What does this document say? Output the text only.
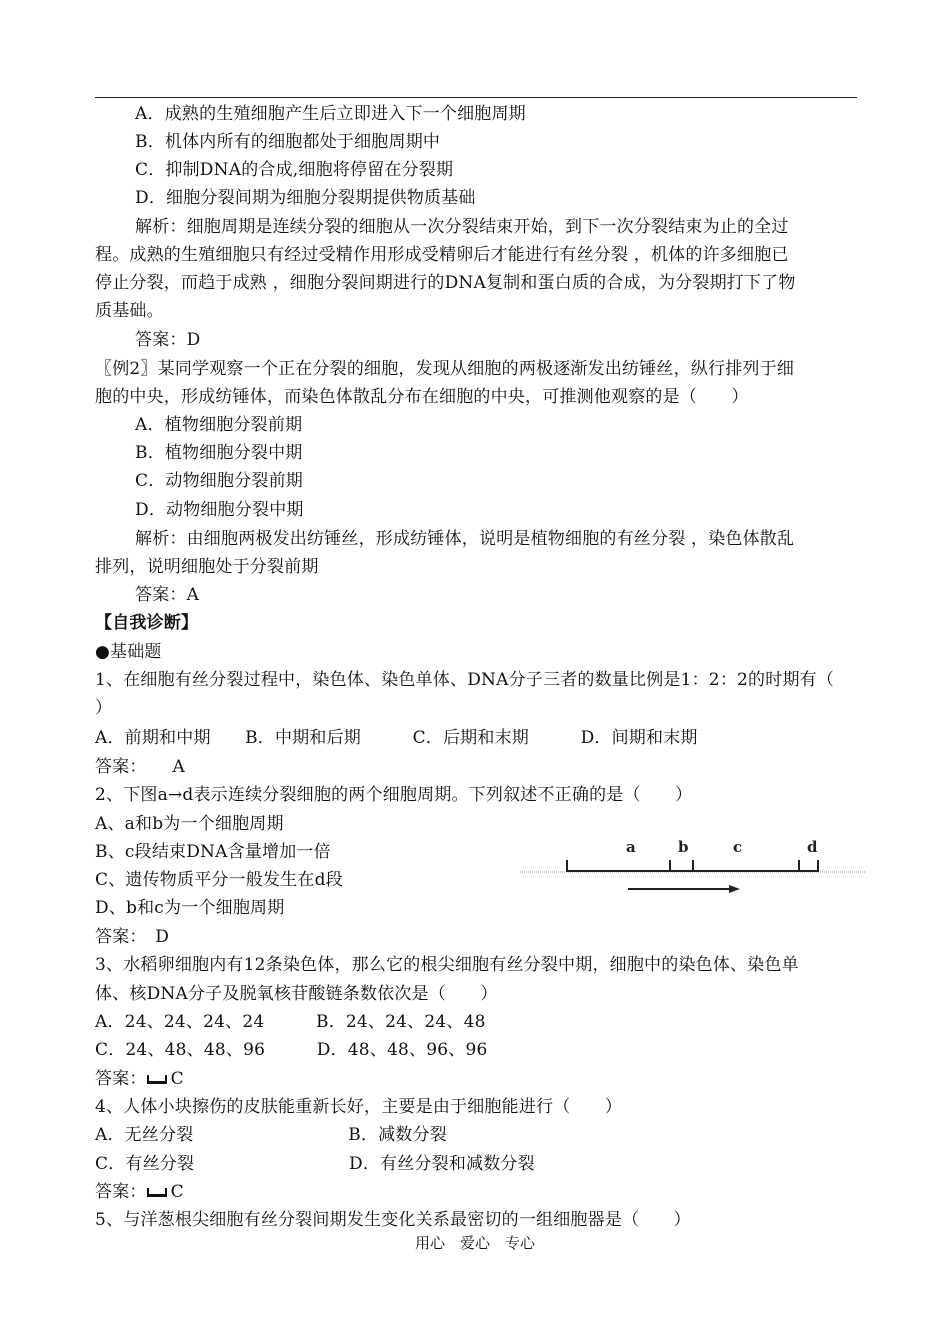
A．成熟的生殖细胞产生后立即进入下一个细胞周期
B．机体内所有的细胞都处于细胞周期中
C．抑制DNA的合成,细胞将停留在分裂期
D．细胞分裂间期为细胞分裂期提供物质基础
解析：细胞周期是连续分裂的细胞从一次分裂结束开始，到下一次分裂结束为止的全过
程。成熟的生殖细胞只有经过受精作用形成受精卵后才能进行有丝分裂 ，机体的许多细胞已
停止分裂，而趋于成熟 ，细胞分裂间期进行的DNA复制和蛋白质的合成，为分裂期打下了物
质基础。
答案：D
〖例2〗某同学观察一个正在分裂的细胞，发现从细胞的两极逐渐发出纺锤丝，纵行排列于细
胞的中央，形成纺锤体，而染色体散乱分布在细胞的中央，可推测他观察的是（　　）
A．植物细胞分裂前期
B．植物细胞分裂中期
C．动物细胞分裂前期
D．动物细胞分裂中期
解析：由细胞两极发出纺锤丝，形成纺锤体，说明是植物细胞的有丝分裂 ，染色体散乱
排列，说明细胞处于分裂前期
答案：A
【自我诊断】
●基础题
1、在细胞有丝分裂过程中，染色体、染色单体、DNA分子三者的数量比例是1：2：2的时期有（
）
A．前期和中期　　B．中期和后期　　　C．后期和末期　　　D．间期和末期
答案：　　A
2、下图a→d表示连续分裂细胞的两个细胞周期。下列叙述不正确的是（　　）
A、a和b为一个细胞周期
B、c段结束DNA含量增加一倍
C、遗传物质平分一般发生在d段
D、b和c为一个细胞周期
答案：　D
a	b	c	d
3、水稻卵细胞内有12条染色体，那么它的根尖细胞有丝分裂中期，细胞中的染色体、染色单
体、核DNA分子及脱氧核苷酸链条数依次是（　　）
A．24、24、24、24　　　B．24、24、24、48
C．24、48、48、96　　　D．48、48、96、96
答案： C
4、人体小块擦伤的皮肤能重新长好，主要是由于细胞能进行（　　）
A．无丝分裂　　　　　　　　　B．减数分裂
C．有丝分裂　　　　　　　　　D．有丝分裂和减数分裂
答案： C
5、与洋葱根尖细胞有丝分裂间期发生变化关系最密切的一组细胞器是（　　）
用心　爱心　专心
